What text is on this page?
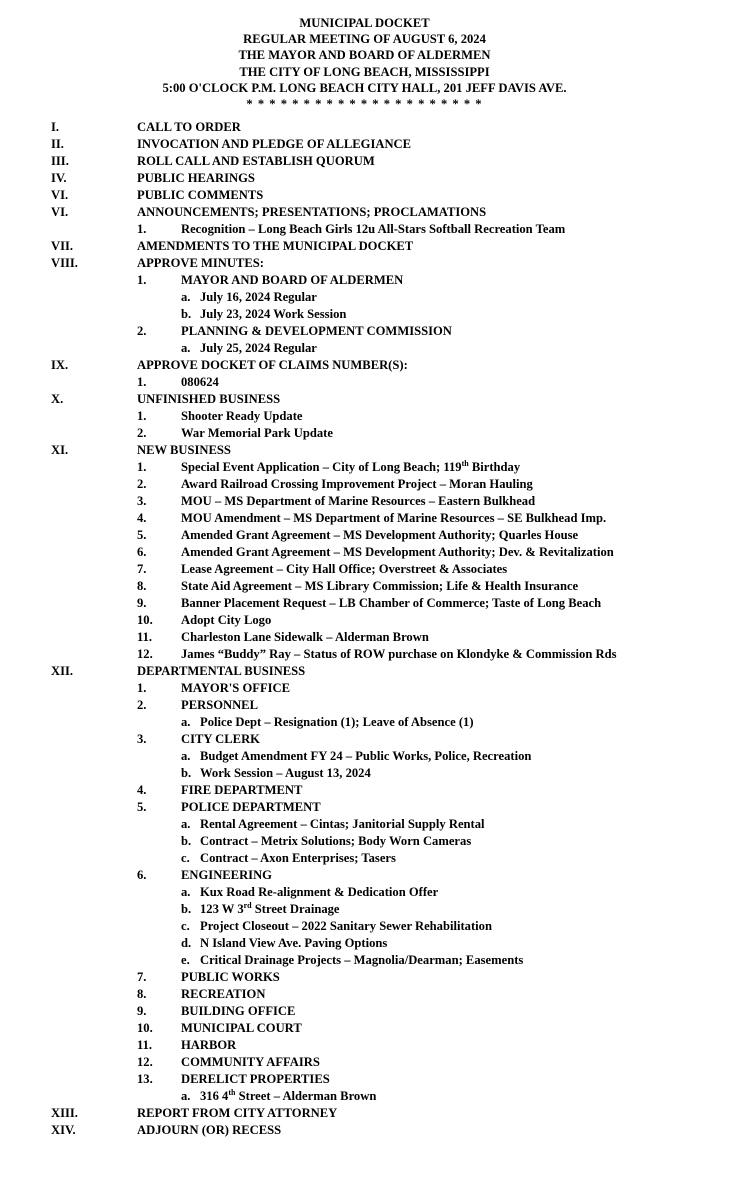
MUNICIPAL DOCKET
REGULAR MEETING OF AUGUST 6, 2024
THE MAYOR AND BOARD OF ALDERMEN
THE CITY OF LONG BEACH, MISSISSIPPI
5:00 O'CLOCK P.M. LONG BEACH CITY HALL, 201 JEFF DAVIS AVE.
* * * * * * * * * * * * * * * * * * * * *
I.	CALL TO ORDER
II.	INVOCATION AND PLEDGE OF ALLEGIANCE
III.	ROLL CALL AND ESTABLISH QUORUM
IV.	PUBLIC HEARINGS
VI.	PUBLIC COMMENTS
VI.	ANNOUNCEMENTS; PRESENTATIONS; PROCLAMATIONS
1.	Recognition – Long Beach Girls 12u All-Stars Softball Recreation Team
VII.	AMENDMENTS TO THE MUNICIPAL DOCKET
VIII.	APPROVE MINUTES:
1.	MAYOR AND BOARD OF ALDERMEN
a. July 16, 2024 Regular
b. July 23, 2024 Work Session
2.	PLANNING & DEVELOPMENT COMMISSION
a. July 25, 2024 Regular
IX.	APPROVE DOCKET OF CLAIMS NUMBER(S):
1.	080624
X.	UNFINISHED BUSINESS
1.	Shooter Ready Update
2.	War Memorial Park Update
XI.	NEW BUSINESS
1.	Special Event Application – City of Long Beach; 119th Birthday
2.	Award Railroad Crossing Improvement Project – Moran Hauling
3.	MOU – MS Department of Marine Resources – Eastern Bulkhead
4.	MOU Amendment – MS Department of Marine Resources – SE Bulkhead Imp.
5.	Amended Grant Agreement – MS Development Authority; Quarles House
6.	Amended Grant Agreement – MS Development Authority; Dev. & Revitalization
7.	Lease Agreement – City Hall Office; Overstreet & Associates
8.	State Aid Agreement – MS Library Commission; Life & Health Insurance
9.	Banner Placement Request – LB Chamber of Commerce; Taste of Long Beach
10. Adopt City Logo
11. Charleston Lane Sidewalk – Alderman Brown
12. James “Buddy” Ray – Status of ROW purchase on Klondyke & Commission Rds
XII.	DEPARTMENTAL BUSINESS
1.	MAYOR'S OFFICE
2.	PERSONNEL
a. Police Dept – Resignation (1); Leave of Absence (1)
3.	CITY CLERK
a. Budget Amendment FY 24 – Public Works, Police, Recreation
b. Work Session – August 13, 2024
4.	FIRE DEPARTMENT
5.	POLICE DEPARTMENT
a. Rental Agreement – Cintas; Janitorial Supply Rental
b. Contract – Metrix Solutions; Body Worn Cameras
c. Contract – Axon Enterprises; Tasers
6.	ENGINEERING
a. Kux Road Re-alignment & Dedication Offer
b. 123 W 3rd Street Drainage
c. Project Closeout – 2022 Sanitary Sewer Rehabilitation
d. N Island View Ave. Paving Options
e. Critical Drainage Projects – Magnolia/Dearman; Easements
7.	PUBLIC WORKS
8.	RECREATION
9.	BUILDING OFFICE
10. MUNICIPAL COURT
11. HARBOR
12. COMMUNITY AFFAIRS
13. DERELICT PROPERTIES
a. 316 4th Street – Alderman Brown
XIII.	REPORT FROM CITY ATTORNEY
XIV.	ADJOURN (OR) RECESS
